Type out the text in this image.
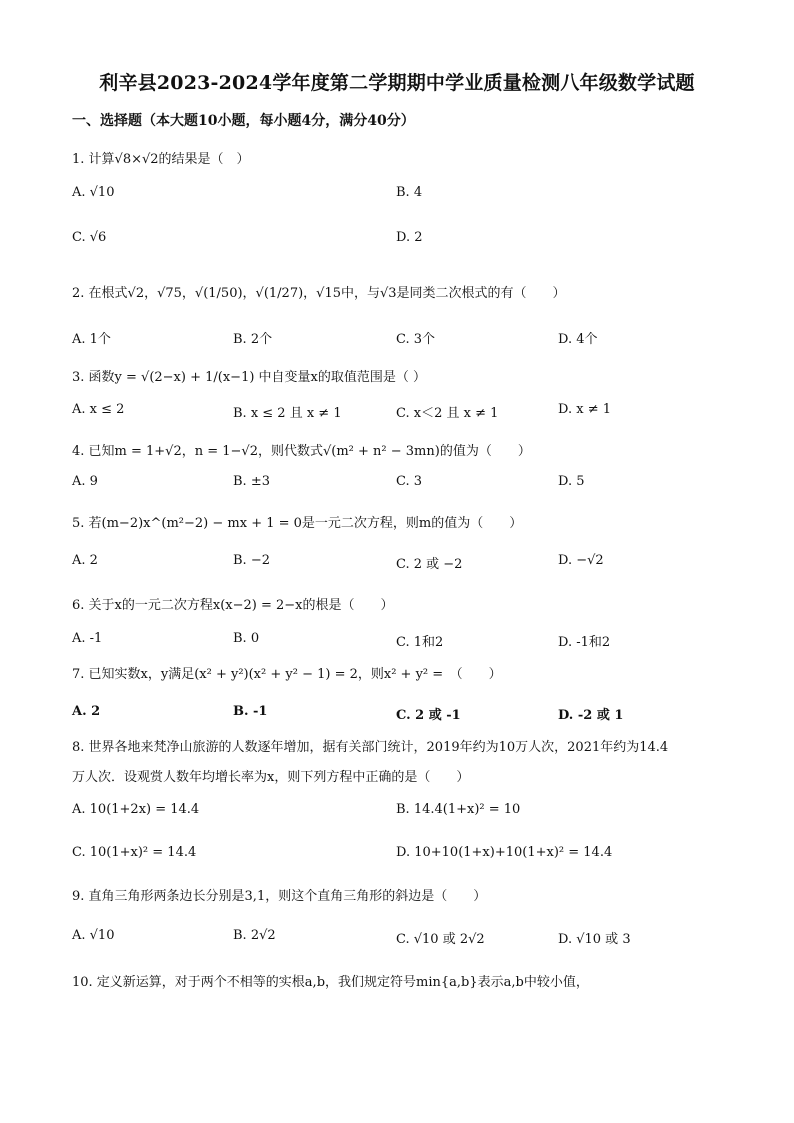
利辛县2023-2024学年度第二学期期中学业质量检测八年级数学试题
一、选择题（本大题10小题，每小题4分，满分40分）
1. 计算√8×√2的结果是（　）
A. √10	B. 4
C. √6	D. 2
2. 在根式√2，√75，√(1/50)，√(1/27)，√15中，与√3是同类二次根式的有（　　）
A. 1个	B. 2个	C. 3个	D. 4个
3. 函数y = √(2−x) + 1/(x−1) 中自变量x的取值范围是（ ）
A. x ≤ 2	B. x ≤ 2 且 x ≠ 1	C. x＜2 且 x ≠ 1	D. x ≠ 1
4. 已知m = 1+√2，n = 1−√2，则代数式√(m² + n² − 3mn)的值为（　　）
A. 9	B. ±3	C. 3	D. 5
5. 若(m−2)x^(m²−2) − mx + 1 = 0是一元二次方程，则m的值为（　　）
A. 2	B. −2	C. 2 或 −2	D. −√2
6. 关于x的一元二次方程x(x−2) = 2−x的根是（　　）
A. -1	B. 0	C. 1和2	D. -1和2
7. 已知实数x，y满足(x² + y²)(x² + y² − 1) = 2，则x² + y² =　（　　）
A. 2	B. -1	C. 2 或 -1	D. -2 或 1
8. 世界各地来梵净山旅游的人数逐年增加，据有关部门统计，2019年约为10万人次，2021年约为14.4
万人次．设观赏人数年均增长率为x，则下列方程中正确的是（　　）
A. 10(1+2x) = 14.4	B. 14.4(1+x)² = 10
C. 10(1+x)² = 14.4	D. 10+10(1+x)+10(1+x)² = 14.4
9. 直角三角形两条边长分别是3,1，则这个直角三角形的斜边是（　　）
A. √10	B. 2√2	C. √10 或 2√2	D. √10 或 3
10. 定义新运算，对于两个不相等的实根a,b，我们规定符号min{a,b}表示a,b中较小值，
